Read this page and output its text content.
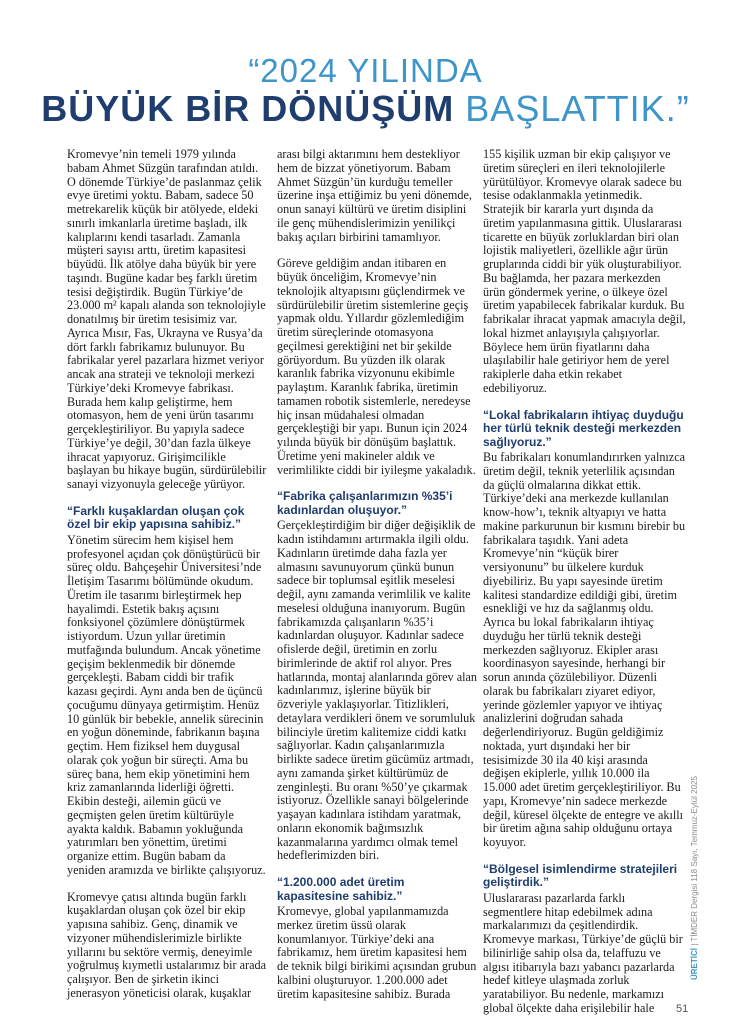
“2024 YILINDA
BÜYÜK BİR DÖNÜŞÜM BAŞLATTIK.”

Kromevye’nin temeli 1979 yılında babam Ahmet Süzgün tarafından atıldı. O dönemde Türkiye’de paslanmaz çelik evye üretimi yoktu. Babam, sadece 50 metrekarelik küçük bir atölyede, eldeki sınırlı imkanlarla üretime başladı, ilk kalıplarını kendi tasarladı. Zamanla müşteri sayısı arttı, üretim kapasitesi büyüdü. İlk atölye daha büyük bir yere taşındı. Bugüne kadar beş farklı üretim tesisi değiştirdik. Bugün Türkiye’de 23.000 m² kapalı alanda son teknolojiyle donatılmış bir üretim tesisimiz var. Ayrıca Mısır, Fas, Ukrayna ve Rusya’da dört farklı fabrikamız bulunuyor. Bu fabrikalar yerel pazarlara hizmet veriyor ancak ana strateji ve teknoloji merkezi Türkiye’deki Kromevye fabrikası. Burada hem kalıp geliştirme, hem otomasyon, hem de yeni ürün tasarımı gerçekleştiriliyor. Bu yapıyla sadece Türkiye’ye değil, 30’dan fazla ülkeye ihracat yapıyoruz. Girişimcilikle başlayan bu hikaye bugün, sürdürülebilir sanayi vizyonuyla geleceğe yürüyor.

“Farklı kuşaklardan oluşan çok özel bir ekip yapısına sahibiz.”

Yönetim sürecim hem kişisel hem profesyonel açıdan çok dönüştürücü bir süreç oldu. Bahçeşehir Üniversitesi’nde İletişim Tasarımı bölümünde okudum. Üretim ile tasarımı birleştirmek hep hayalimdi. Estetik bakış açısını fonksiyonel çözümlere dönüştürmek istiyordum. Uzun yıllar üretimin mutfağında bulundum. Ancak yönetime geçişim beklenmedik bir dönemde gerçekleşti. Babam ciddi bir trafik kazası geçirdi. Aynı anda ben de üçüncü çocuğumu dünyaya getirmiştim. Henüz 10 günlük bir bebekle, annelik sürecinin en yoğun döneminde, fabrikanın başına geçtim. Hem fiziksel hem duygusal olarak çok yoğun bir süreçti. Ama bu süreç bana, hem ekip yönetimini hem kriz zamanlarında liderliği öğretti. Ekibin desteği, ailemin gücü ve geçmişten gelen üretim kültürüyle ayakta kaldık. Babamın yokluğunda yatırımları ben yönettim, üretimi organize ettim. Bugün babam da yeniden aramızda ve birlikte çalışıyoruz.

Kromevye çatısı altında bugün farklı kuşaklardan oluşan çok özel bir ekip yapısına sahibiz. Genç, dinamik ve vizyoner mühendislerimizle birlikte yıllarını bu sektöre vermiş, deneyimle yoğrulmuş kıymetli ustalarımız bir arada çalışıyor. Ben de şirketin ikinci jenerasyon yöneticisi olarak, kuşaklar

arası bilgi aktarımını hem destekliyor hem de bizzat yönetiyorum. Babam Ahmet Süzgün’ün kurduğu temeller üzerine inşa ettiğimiz bu yeni dönemde, onun sanayi kültürü ve üretim disiplini ile genç mühendislerimizin yenilikçi bakış açıları birbirini tamamlıyor.

Göreve geldiğim andan itibaren en büyük önceliğim, Kromevye’nin teknolojik altyapısını güçlendirmek ve sürdürülebilir üretim sistemlerine geçiş yapmak oldu. Yıllardır gözlemlediğim üretim süreçlerinde otomasyona geçilmesi gerektiğini net bir şekilde görüyordum. Bu yüzden ilk olarak karanlık fabrika vizyonunu ekibimle paylaştım. Karanlık fabrika, üretimin tamamen robotik sistemlerle, neredeyse hiç insan müdahalesi olmadan gerçekleştiği bir yapı. Bunun için 2024 yılında büyük bir dönüşüm başlattık. Üretime yeni makineler aldık ve verimlilikte ciddi bir iyileşme yakaladık.

“Fabrika çalışanlarımızın %35’i kadınlardan oluşuyor.”

Gerçekleştirdiğim bir diğer değişiklik de kadın istihdamını artırmakla ilgili oldu. Kadınların üretimde daha fazla yer almasını savunuyorum çünkü bunun sadece bir toplumsal eşitlik meselesi değil, aynı zamanda verimlilik ve kalite meselesi olduğuna inanıyorum. Bugün fabrikamızda çalışanların %35’i kadınlardan oluşuyor. Kadınlar sadece ofislerde değil, üretimin en zorlu birimlerinde de aktif rol alıyor. Pres hatlarında, montaj alanlarında görev alan kadınlarımız, işlerine büyük bir özveriyle yaklaşıyorlar. Titizlikleri, detaylara verdikleri önem ve sorumluluk bilinciyle üretim kalitemize ciddi katkı sağlıyorlar. Kadın çalışanlarımızla birlikte sadece üretim gücümüz artmadı, aynı zamanda şirket kültürümüz de zenginleşti. Bu oranı %50’ye çıkarmak istiyoruz. Özellikle sanayi bölgelerinde yaşayan kadınlara istihdam yaratmak, onların ekonomik bağımsızlık kazanmalarına yardımcı olmak temel hedeflerimizden biri.

“1.200.000 adet üretim kapasitesine sahibiz.”

Kromevye, global yapılanmamızda merkez üretim üssü olarak konumlanıyor. Türkiye’deki ana fabrikamız, hem üretim kapasitesi hem de teknik bilgi birikimi açısından grubun kalbini oluşturuyor. 1.200.000 adet üretim kapasitesine sahibiz. Burada

155 kişilik uzman bir ekip çalışıyor ve üretim süreçleri en ileri teknolojilerle yürütülüyor. Kromevye olarak sadece bu tesise odaklanmakla yetinmedik. Stratejik bir kararla yurt dışında da üretim yapılanmasına gittik. Uluslararası ticarette en büyük zorluklardan biri olan lojistik maliyetleri, özellikle ağır ürün gruplarında ciddi bir yük oluşturabiliyor. Bu bağlamda, her pazara merkezden ürün göndermek yerine, o ülkeye özel üretim yapabilecek fabrikalar kurduk. Bu fabrikalar ihracat yapmak amacıyla değil, lokal hizmet anlayışıyla çalışıyorlar. Böylece hem ürün fiyatlarını daha ulaşılabilir hale getiriyor hem de yerel rakiplerle daha etkin rekabet edebiliyoruz.

“Lokal fabrikaların ihtiyaç duyduğu her türlü teknik desteği merkezden sağlıyoruz.”

Bu fabrikaları konumlandırırken yalnızca üretim değil, teknik yeterlilik açısından da güçlü olmalarına dikkat ettik. Türkiye’deki ana merkezde kullanılan know-how’ı, teknik altyapıyı ve hatta makine parkurunun bir kısmını birebir bu fabrikalara taşıdık. Yani adeta Kromevye’nin “küçük birer versiyonunu” bu ülkelere kurduk diyebiliriz. Bu yapı sayesinde üretim kalitesi standardize edildiği gibi, üretim esnekliği ve hız da sağlanmış oldu. Ayrıca bu lokal fabrikaların ihtiyaç duyduğu her türlü teknik desteği merkezden sağlıyoruz. Ekipler arası koordinasyon sayesinde, herhangi bir sorun anında çözülebiliyor. Düzenli olarak bu fabrikaları ziyaret ediyor, yerinde gözlemler yapıyor ve ihtiyaç analizlerini doğrudan sahada değerlendiriyoruz. Bugün geldiğimiz noktada, yurt dışındaki her bir tesisimizde 30 ila 40 kişi arasında değişen ekiplerle, yıllık 10.000 ila 15.000 adet üretim gerçekleştiriliyor. Bu yapı, Kromevye’nin sadece merkezde değil, küresel ölçekte de entegre ve akıllı bir üretim ağına sahip olduğunu ortaya koyuyor.

“Bölgesel isimlendirme stratejileri geliştirdik.”

Uluslararası pazarlarda farklı segmentlere hitap edebilmek adına markalarımızı da çeşitlendirdik. Kromevye markası, Türkiye’de güçlü bir bilinirliğe sahip olsa da, telaffuzu ve algısı itibarıyla bazı yabancı pazarlarda hedef kitleye ulaşmada zorluk yaratabiliyor. Bu nedenle, markamızı global ölçekte daha erişilebilir hale

ÜRETİCİ | TİMDER Dergisi 118 Sayı, Temmuz-Eylül 2025
51
